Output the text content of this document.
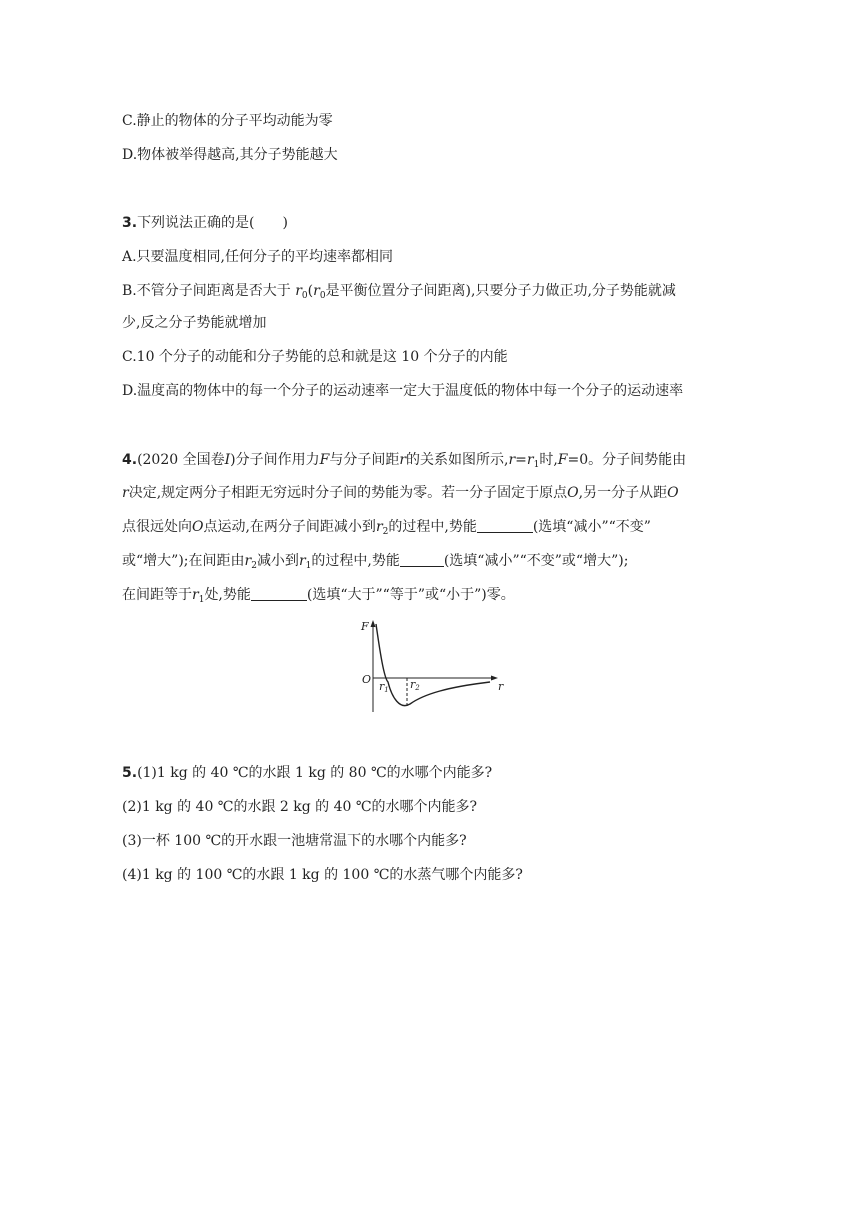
C.静止的物体的分子平均动能为零
D.物体被举得越高,其分子势能越大
3.下列说法正确的是(　　)
A.只要温度相同,任何分子的平均速率都相同
B.不管分子间距离是否大于 $r_0(r_0$是平衡位置分子间距离),只要分子力做正功,分子势能就减
少,反之分子势能就增加
C.10 个分子的动能和分子势能的总和就是这 10 个分子的内能
D.温度高的物体中的每一个分子的运动速率一定大于温度低的物体中每一个分子的运动速率
4.(2020 全国卷Ⅰ)分子间作用力F与分子间距r的关系如图所示$,r=r_1$时,F=0。分子间势能由
r决定,规定两分子相距无穷远时分子间的势能为零。若一分子固定于原点O,另一分子从距O
点很远处向O点运动,在两分子间距减小到$r_2$的过程中,势能	(选填“减小”“不变”
或“增大”);在间距由$r_2$减小到$r_1$的过程中,势能	(选填“减小”“不变”或“增大”);
在间距等于$r_1$处,势能	(选填“大于”“等于”或“小于”)零。
F
O
r
r1 r2
5.(1)1 kg 的 40 ℃的水跟 1 kg 的 80 ℃的水哪个内能多?
(2)1 kg 的 40 ℃的水跟 2 kg 的 40 ℃的水哪个内能多?
(3)一杯 100 ℃的开水跟一池塘常温下的水哪个内能多?
(4)1 kg 的 100 ℃的水跟 1 kg 的 100 ℃的水蒸气哪个内能多?
